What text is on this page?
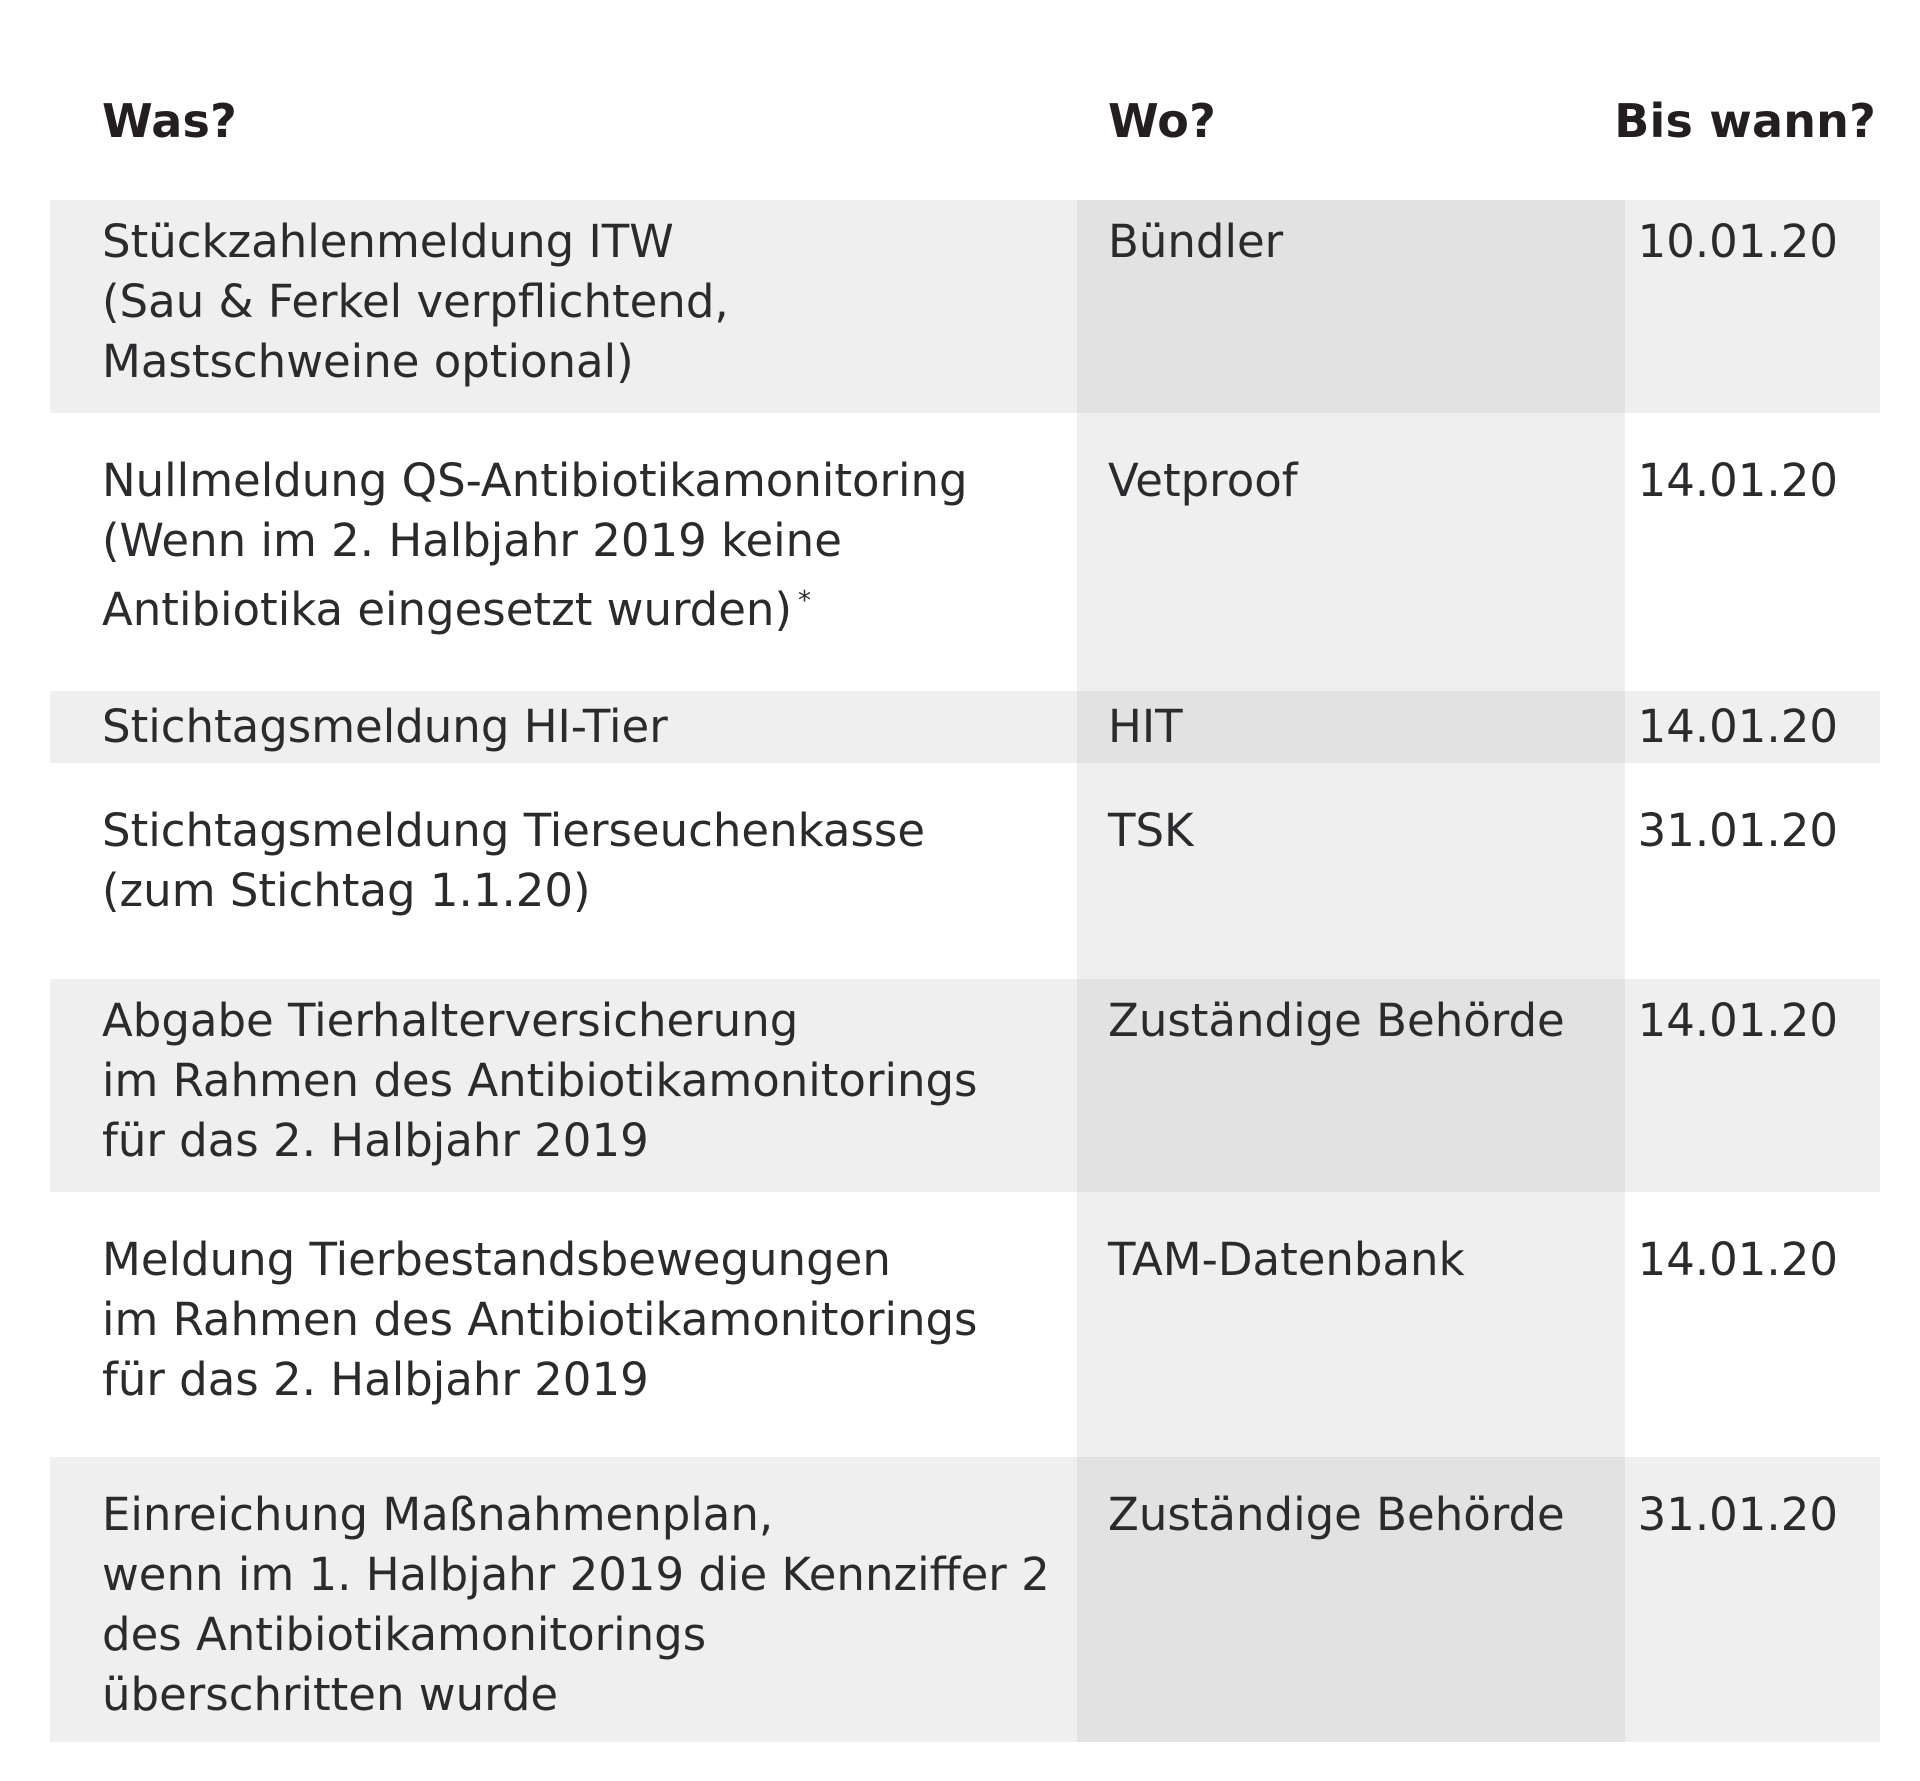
Was?	Wo?	Bis wann?
Stückzahlenmeldung ITW
(Sau & Ferkel verpflichtend,
Mastschweine optional)
Bündler	10.01.20
Nullmeldung QS-Antibiotikamonitoring
(Wenn im 2. Halbjahr 2019 keine
Antibiotika eingesetzt wurden) *
Vetproof	14.01.20
Stichtagsmeldung HI-Tier	HIT	14.01.20
Stichtagsmeldung Tierseuchenkasse
(zum Stichtag 1.1.20)
TSK	31.01.20
Abgabe Tierhalterversicherung
im Rahmen des Antibiotikamonitorings
für das 2. Halbjahr 2019
Zuständige Behörde 14.01.20
Meldung Tierbestandsbewegungen
im Rahmen des Antibiotikamonitorings
für das 2. Halbjahr 2019
TAM-Datenbank	14.01.20
Einreichung Maßnahmenplan,
wenn im 1. Halbjahr 2019 die Kennziffer 2
des Antibiotikamonitorings
überschritten wurde
Zuständige Behörde 31.01.20
